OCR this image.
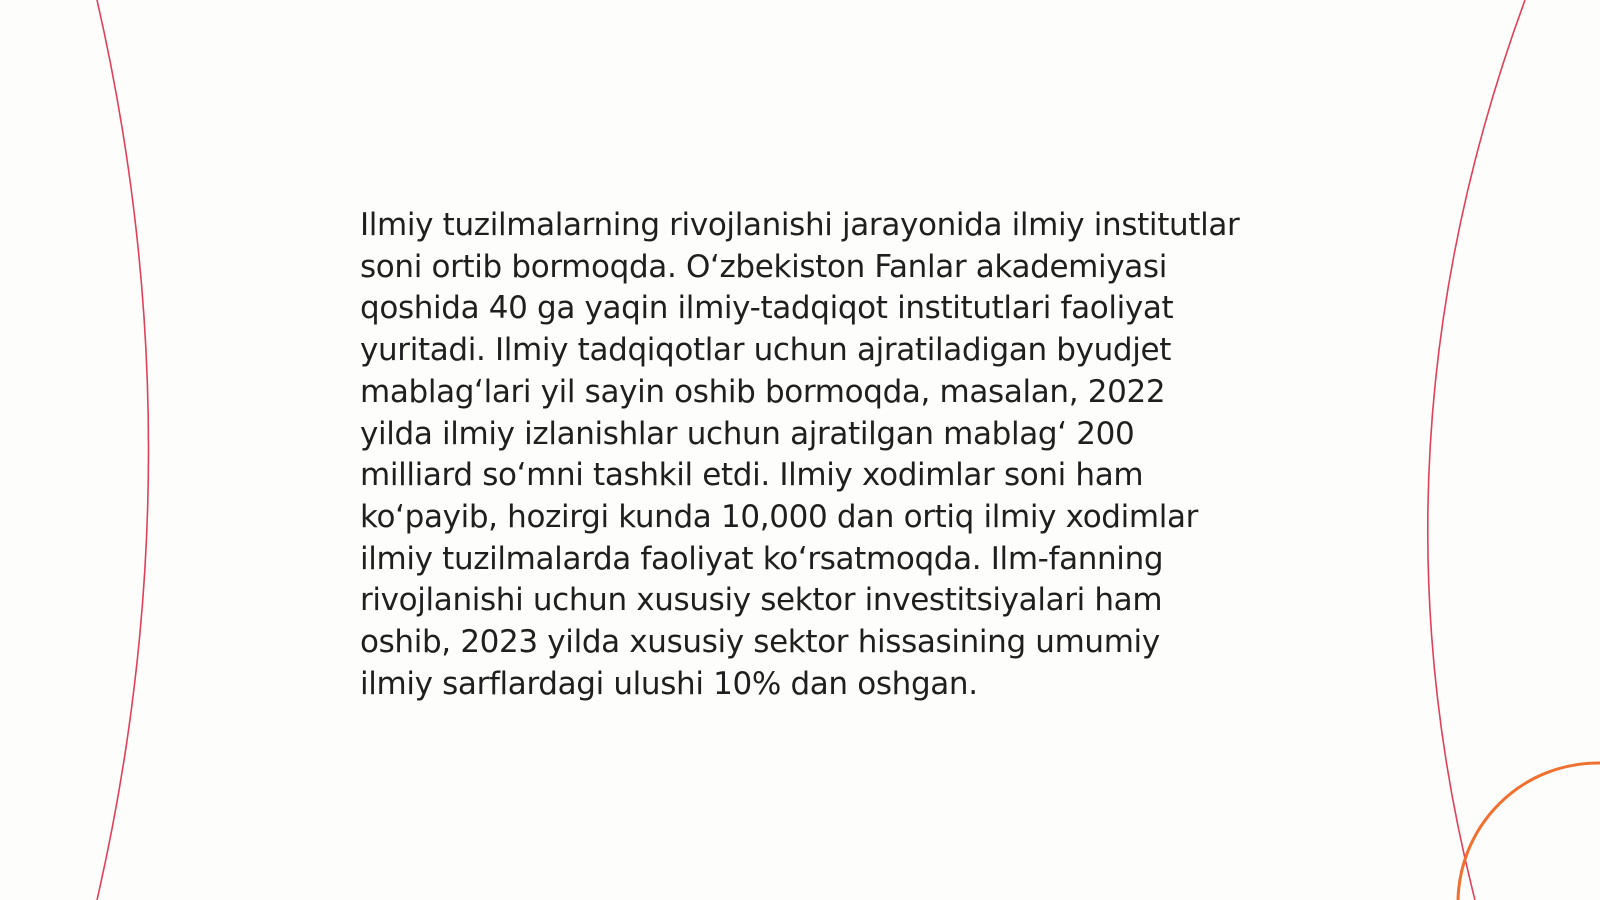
Ilmiy tuzilmalarning rivojlanishi jarayonida ilmiy institutlar soni ortib bormoqda. O‘zbekiston Fanlar akademiyasi qoshida 40 ga yaqin ilmiy-tadqiqot institutlari faoliyat yuritadi. Ilmiy tadqiqotlar uchun ajratiladigan byudjet mablag‘lari yil sayin oshib bormoqda, masalan, 2022 yilda ilmiy izlanishlar uchun ajratilgan mablag‘ 200 milliard so‘mni tashkil etdi. Ilmiy xodimlar soni ham ko‘payib, hozirgi kunda 10,000 dan ortiq ilmiy xodimlar ilmiy tuzilmalarda faoliyat ko‘rsatmoqda. Ilm-fanning rivojlanishi uchun xususiy sektor investitsiyalari ham oshib, 2023 yilda xususiy sektor hissasining umumiy ilmiy sarflardagi ulushi 10% dan oshgan.
